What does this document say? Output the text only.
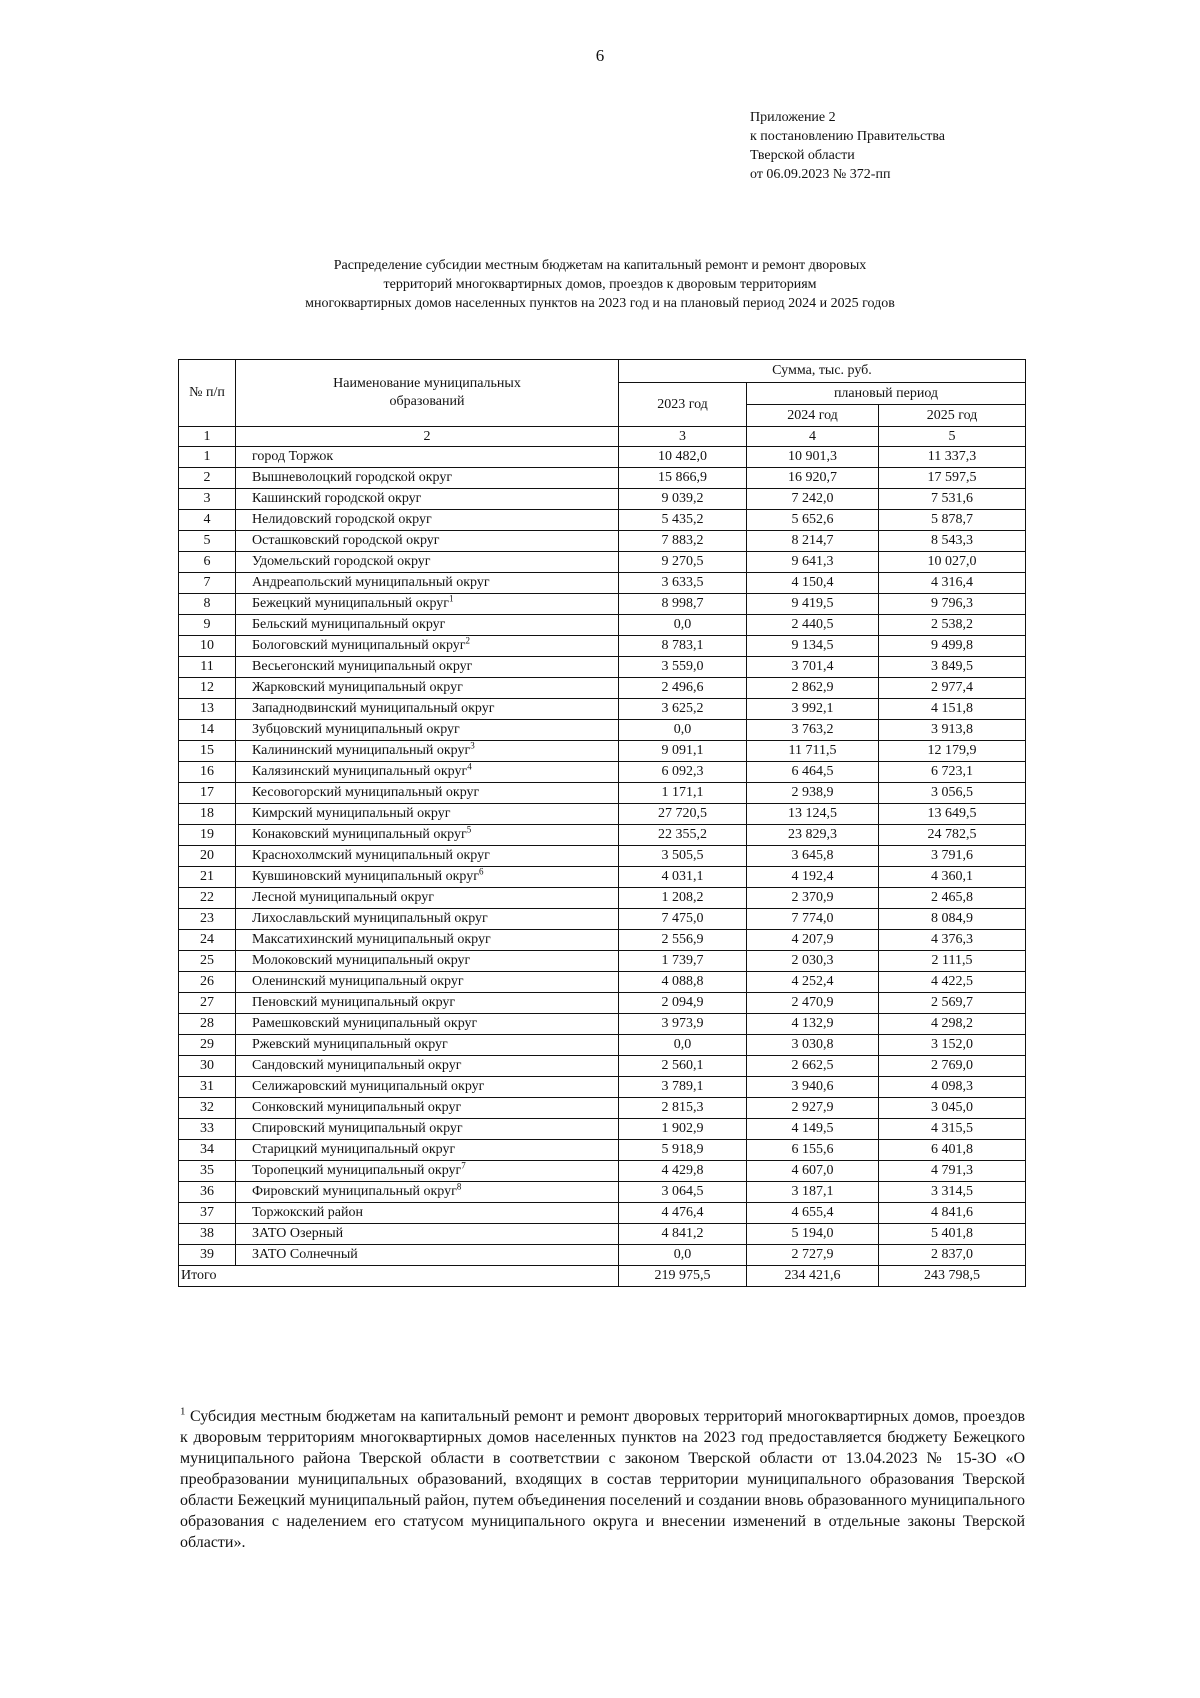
6
Приложение 2
к постановлению Правительства
Тверской области
от 06.09.2023 № 372-пп
Распределение субсидии местным бюджетам на капитальный ремонт и ремонт дворовых
территорий многоквартирных домов, проездов к дворовым территориям
многоквартирных домов населенных пунктов на 2023 год и на плановый период 2024 и 2025 годов
№ п/п	Наименование муниципальных образований	Сумма, тыс. руб.		
		2023 год	плановый период	
			2024 год	2025 год
1	2	3	4	5
1	город Торжок	10 482,0	10 901,3	11 337,3
2	Вышневолоцкий городской округ	15 866,9	16 920,7	17 597,5
3	Кашинский городской округ	9 039,2	7 242,0	7 531,6
4	Нелидовский городской округ	5 435,2	5 652,6	5 878,7
5	Осташковский городской округ	7 883,2	8 214,7	8 543,3
6	Удомельский городской округ	9 270,5	9 641,3	10 027,0
7	Андреапольский муниципальный округ	3 633,5	4 150,4	4 316,4
8	Бежецкий муниципальный округ$^1$	8 998,7	9 419,5	9 796,3
9	Бельский муниципальный округ	0,0	2 440,5	2 538,2
10	Бологовский муниципальный округ$^2$	8 783,1	9 134,5	9 499,8
11	Весьегонский муниципальный округ	3 559,0	3 701,4	3 849,5
12	Жарковский муниципальный округ	2 496,6	2 862,9	2 977,4
13	Западнодвинский муниципальный округ	3 625,2	3 992,1	4 151,8
14	Зубцовский муниципальный округ	0,0	3 763,2	3 913,8
15	Калининский муниципальный округ$^3$	9 091,1	11 711,5	12 179,9
16	Калязинский муниципальный округ$^4$	6 092,3	6 464,5	6 723,1
17	Кесовогорский муниципальный округ	1 171,1	2 938,9	3 056,5
18	Кимрский муниципальный округ	27 720,5	13 124,5	13 649,5
19	Конаковский муниципальный округ$^5$	22 355,2	23 829,3	24 782,5
20	Краснохолмский муниципальный округ	3 505,5	3 645,8	3 791,6
21	Кувшиновский муниципальный округ$^6$	4 031,1	4 192,4	4 360,1
22	Лесной муниципальный округ	1 208,2	2 370,9	2 465,8
23	Лихославльский муниципальный округ	7 475,0	7 774,0	8 084,9
24	Максатихинский муниципальный округ	2 556,9	4 207,9	4 376,3
25	Молоковский муниципальный округ	1 739,7	2 030,3	2 111,5
26	Оленинский муниципальный округ	4 088,8	4 252,4	4 422,5
27	Пеновский муниципальный округ	2 094,9	2 470,9	2 569,7
28	Рамешковский муниципальный округ	3 973,9	4 132,9	4 298,2
29	Ржевский муниципальный округ	0,0	3 030,8	3 152,0
30	Сандовский муниципальный округ	2 560,1	2 662,5	2 769,0
31	Селижаровский муниципальный округ	3 789,1	3 940,6	4 098,3
32	Сонковский муниципальный округ	2 815,3	2 927,9	3 045,0
33	Спировский муниципальный округ	1 902,9	4 149,5	4 315,5
34	Старицкий муниципальный округ	5 918,9	6 155,6	6 401,8
35	Торопецкий муниципальный округ$^7$	4 429,8	4 607,0	4 791,3
36	Фировский муниципальный округ$^8$	3 064,5	3 187,1	3 314,5
37	Торжокский район	4 476,4	4 655,4	4 841,6
38	ЗАТО Озерный	4 841,2	5 194,0	5 401,8
39	ЗАТО Солнечный	0,0	2 727,9	2 837,0
Итого		219 975,5	234 421,6	243 798,5
$^1$ Субсидия местным бюджетам на капитальный ремонт и ремонт дворовых территорий многоквартирных домов, проездов к дворовым территориям многоквартирных домов населенных пунктов на 2023 год предоставляется бюджету Бежецкого муниципального района Тверской области в соответствии с законом Тверской области от 13.04.2023 № 15-ЗО «О преобразовании муниципальных образований, входящих в состав территории муниципального образования Тверской области Бежецкий муниципальный район, путем объединения поселений и создании вновь образованного муниципального образования с наделением его статусом муниципального округа и внесении изменений в отдельные законы Тверской области».
